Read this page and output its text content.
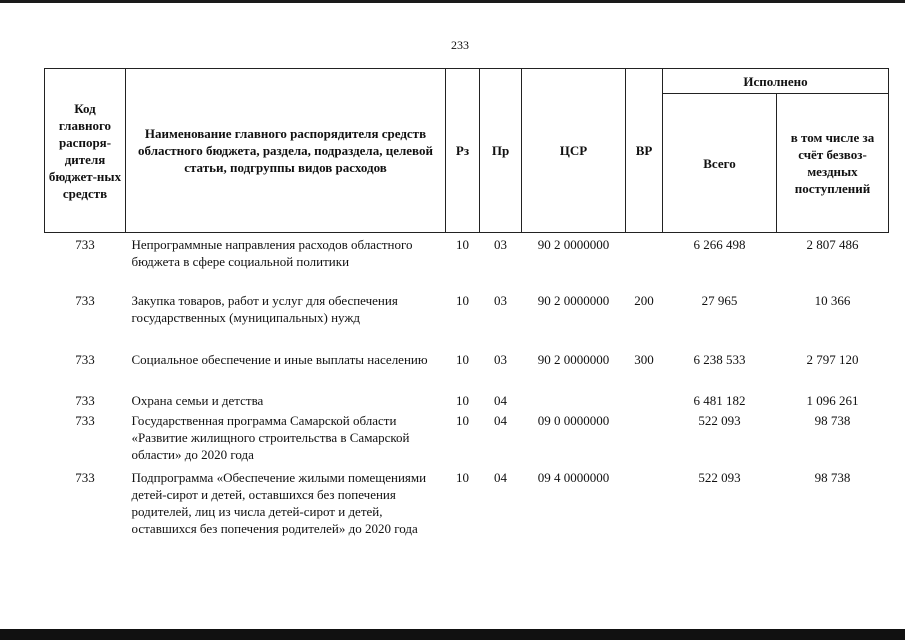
233
Код главного распоря-дителя бюджет-ных средств	Наименование главного распорядителя средств областного бюджета, раздела, подраздела, целевой статьи, подгруппы видов расходов	Рз	Пр	ЦСР	ВР	Исполнено	
						Всего	в том числе за счёт безвоз-мездных поступлений
733	Непрограммные направления расходов областного бюджета в сфере социальной политики	10	03	90 2 0000000		6 266 498	2 807 486
733	Закупка товаров, работ и услуг для обеспечения государственных (муниципальных) нужд	10	03	90 2 0000000	200	27 965	10 366
733	Социальное обеспечение и иные выплаты населению	10	03	90 2 0000000	300	6 238 533	2 797 120
733	Охрана семьи и детства	10	04			6 481 182	1 096 261
733	Государственная программа Самарской области «Развитие жилищного строительства в Самарской области» до 2020 года	10	04	09 0 0000000		522 093	98 738
733	Подпрограмма «Обеспечение жилыми помещениями детей-сирот и детей, оставшихся без попечения родителей, лиц из числа детей-сирот и детей, оставшихся без попечения родителей» до 2020 года	10	04	09 4 0000000		522 093	98 738
